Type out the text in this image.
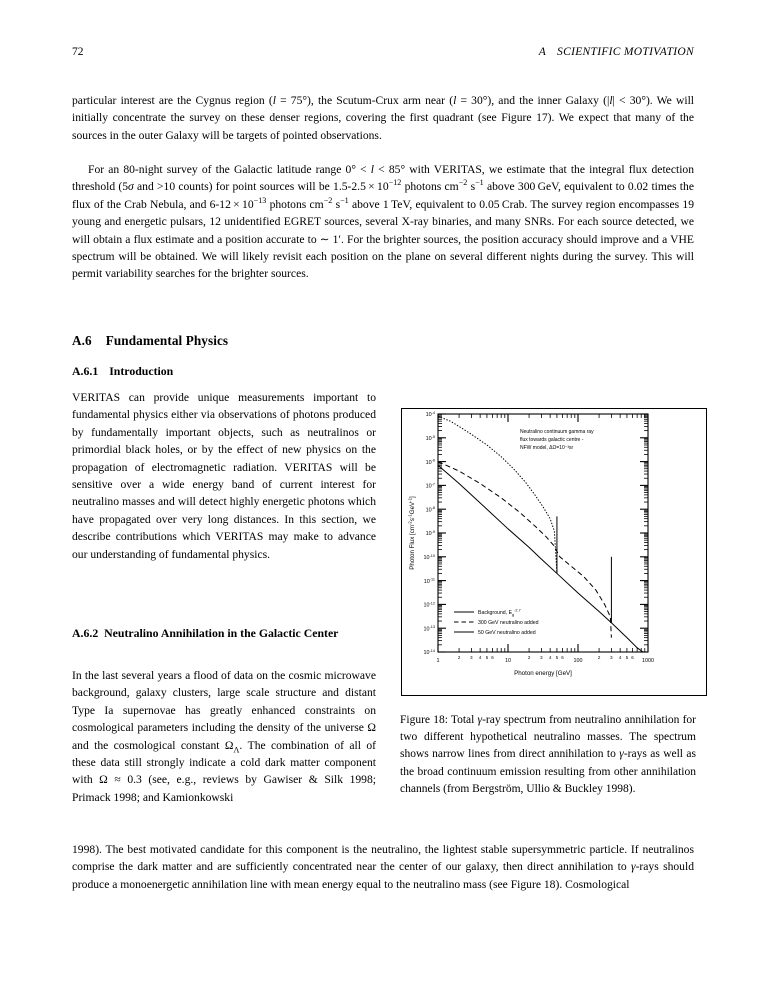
72	A SCIENTIFIC MOTIVATION
particular interest are the Cygnus region (l = 75°), the Scutum-Crux arm near (l = 30°), and the inner Galaxy (|l| < 30°). We will initially concentrate the survey on these denser regions, covering the first quadrant (see Figure 17). We expect that many of the sources in the outer Galaxy will be targets of pointed observations.
For an 80-night survey of the Galactic latitude range 0° < l < 85° with VERITAS, we estimate that the integral flux detection threshold (5σ and >10 counts) for point sources will be $1.5-2.5 \times 10^{-12}$ photons $cm^{-2}$ $s^{-1}$ above 300 GeV, equivalent to 0.02 times the flux of the Crab Nebula, and $6-12 \times 10^{-13}$ photons $cm^{-2}$ $s^{-1}$ above 1 TeV, equivalent to 0.05 Crab. The survey region encompasses 19 young and energetic pulsars, 12 unidentified EGRET sources, several X-ray binaries, and many SNRs. For each source detected, we will obtain a flux estimate and a position accurate to ∼ 1′. For the brighter sources, the position accuracy should improve and a VHE spectrum will be obtained. We will likely revisit each position on the plane on several different nights during the survey. This will permit variability searches for the brighter sources.
A.6 Fundamental Physics
A.6.1 Introduction
VERITAS can provide unique measurements important to fundamental physics either via observations of photons produced by fundamentally important objects, such as neutralinos or primordial black holes, or by the effect of new physics on the propagation of electromagnetic radiation. VERITAS will be sensitive over a wide energy band of current interest for neutralino masses and will detect highly energetic photons which have propagated over very long distances. In this section, we describe contributions which VERITAS may make to advance our understanding of fundamental physics.
A.6.2 Neutralino Annihilation in the Galactic Center
In the last several years a flood of data on the cosmic microwave background, galaxy clusters, large scale structure and distant Type Ia supernovae has greatly enhanced constraints on cosmological parameters including the density of the universe Ω and the cosmological constant $\Omega_\Lambda$. The combination of all of these data still strongly indicate a cold dark matter component with Ω ≈ 0.3 (see, e.g., reviews by Gawiser & Silk 1998; Primack 1998; and Kamionkowski
1998). The best motivated candidate for this component is the neutralino, the lightest stable supersymmetric particle. If neutralinos comprise the dark matter and are sufficiently concentrated near the center of our galaxy, then direct annihilation to γ-rays should produce a monoenergetic annihilation line with mean energy equal to the neutralino mass (see Figure 18). Cosmological
$10^{-4}$
$10^{-5}$
$10^{-6}$
$10^{-7}$
$10^{-8}$
$10^{-9}$
$10^{-10}$
$10^{-11}$
$10^{-12}$
$10^{-13}$
$10^{-14}$
Photon Flux $[cm^{-2}s^{-1}GeV^{-1}]$
1	10	100	1000
2 3 4 5 6	2 3 4 5 6	2 3 4 5 6
Photon energy [GeV]
Neutralino continuum gamma ray
flux towards galactic centre -
NFW model, ΔΩ=10⁻³sr
Background, $E_g^{-2.7}$
300 GeV neutralino added
50 GeV neutralino added
Figure 18: Total γ-ray spectrum from neutralino annihilation for two different hypothetical neutralino masses. The spectrum shows narrow lines from direct annihilation to γ-rays as well as the broad continuum emission resulting from other annihilation channels (from Bergström, Ullio & Buckley 1998).
